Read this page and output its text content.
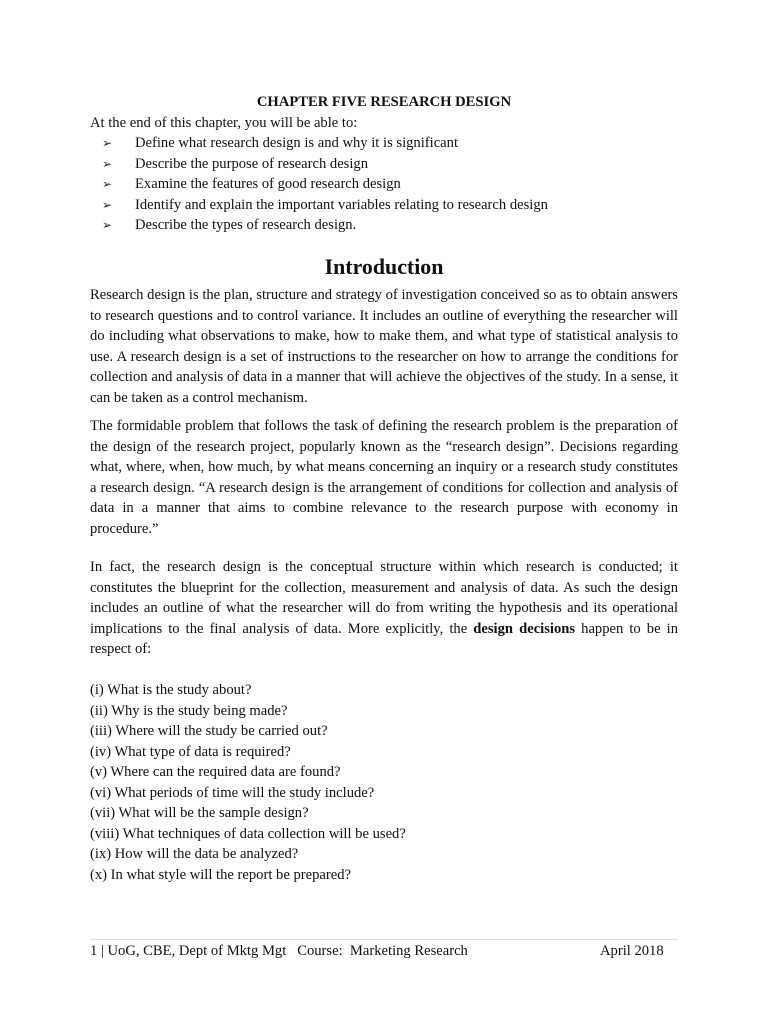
CHAPTER FIVE RESEARCH DESIGN

At the end of this chapter, you will be able to:

➢	Define what research design is and why it is significant
➢	Describe the purpose of research design
➢	Examine the features of good research design
➢	Identify and explain the important variables relating to research design
➢	Describe the types of research design.
Introduction

Research design is the plan, structure and strategy of investigation conceived so as to obtain answers to research questions and to control variance. It includes an outline of everything the researcher will do including what observations to make, how to make them, and what type of statistical analysis to use. A research design is a set of instructions to the researcher on how to arrange the conditions for collection and analysis of data in a manner that will achieve the objectives of the study. In a sense, it can be taken as a control mechanism.

The formidable problem that follows the task of defining the research problem is the preparation of the design of the research project, popularly known as the “research design”. Decisions regarding what, where, when, how much, by what means concerning an inquiry or a research study constitutes a research design. “A research design is the arrangement of conditions for collection and analysis of data in a manner that aims to combine relevance to the research purpose with economy in procedure.”

In fact, the research design is the conceptual structure within which research is conducted; it constitutes the blueprint for the collection, measurement and analysis of data. As such the design includes an outline of what the researcher will do from writing the hypothesis and its operational implications to the final analysis of data. More explicitly, the design decisions happen to be in respect of:

(i) What is the study about?
(ii) Why is the study being made?
(iii) Where will the study be carried out?
(iv) What type of data is required?
(v) Where can the required data are found?
(vi) What periods of time will the study include?
(vii) What will be the sample design?
(viii) What techniques of data collection will be used?
(ix) How will the data be analyzed?
(x) In what style will the report be prepared?
1 | UoG, CBE, Dept of Mktg Mgt   Course:  Marketing Research	April 2018
